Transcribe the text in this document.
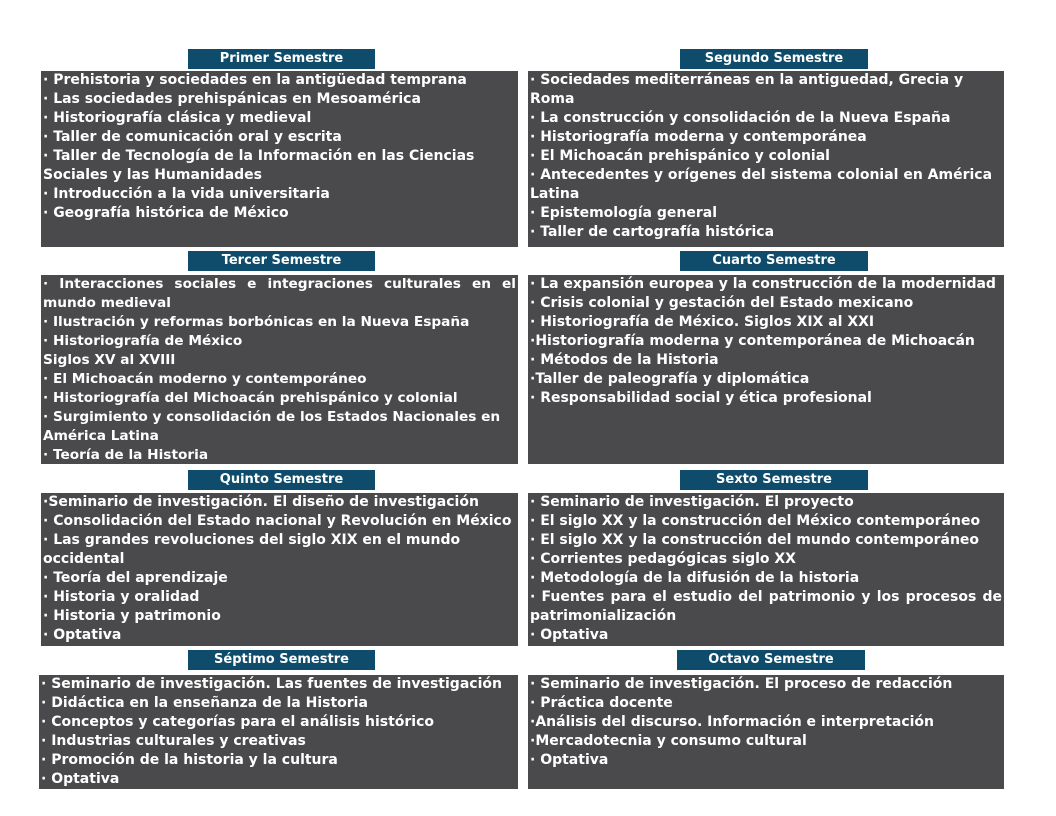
Primer Semestre
· Prehistoria y sociedades en la antigüedad temprana
· Las sociedades prehispánicas en Mesoamérica
· Historiografía clásica y medieval
· Taller de comunicación oral y escrita
· Taller de Tecnología de la Información en las Ciencias Sociales y las Humanidades
· Introducción a la vida universitaria
· Geografía histórica de México
Segundo Semestre
· Sociedades mediterráneas en la antiguedad, Grecia y Roma
· La construcción y consolidación de la Nueva España
· Historiografía moderna y contemporánea
· El Michoacán prehispánico y colonial
· Antecedentes y orígenes del sistema colonial en América Latina
· Epistemología general
· Taller de cartografía histórica
Tercer Semestre
· Interacciones sociales e integraciones culturales en el mundo medieval
· Ilustración y reformas borbónicas en la Nueva España
· Historiografía de México
Siglos XV al XVIII
· El Michoacán moderno y contemporáneo
· Historiografía del Michoacán prehispánico y colonial
· Surgimiento y consolidación de los Estados Nacionales en América Latina
· Teoría de la Historia
Cuarto Semestre
· La expansión europea y la construcción de la modernidad
· Crisis colonial y gestación del Estado mexicano
· Historiografía de México. Siglos XIX al XXI
·Historiografía moderna y contemporánea de Michoacán
· Métodos de la Historia
·Taller de paleografía y diplomática
· Responsabilidad social y ética profesional
Quinto Semestre
·Seminario de investigación. El diseño de investigación
· Consolidación del Estado nacional y Revolución en México
· Las grandes revoluciones del siglo XIX en el mundo occidental
· Teoría del aprendizaje
· Historia y oralidad
· Historia y patrimonio
· Optativa
Sexto Semestre
· Seminario de investigación. El proyecto
· El siglo XX y la construcción del México contemporáneo
· El siglo XX y la construcción del mundo contemporáneo
· Corrientes pedagógicas siglo XX
· Metodología de la difusión de la historia
· Fuentes para el estudio del patrimonio y los procesos de patrimonialización
· Optativa
Séptimo Semestre
· Seminario de investigación. Las fuentes de investigación
· Didáctica en la enseñanza de la Historia
· Conceptos y categorías para el análisis histórico
· Industrias culturales y creativas
· Promoción de la historia y la cultura
· Optativa
Octavo Semestre
· Seminario de investigación. El proceso de redacción
· Práctica docente
·Análisis del discurso. Información e interpretación
·Mercadotecnia y consumo cultural
· Optativa
